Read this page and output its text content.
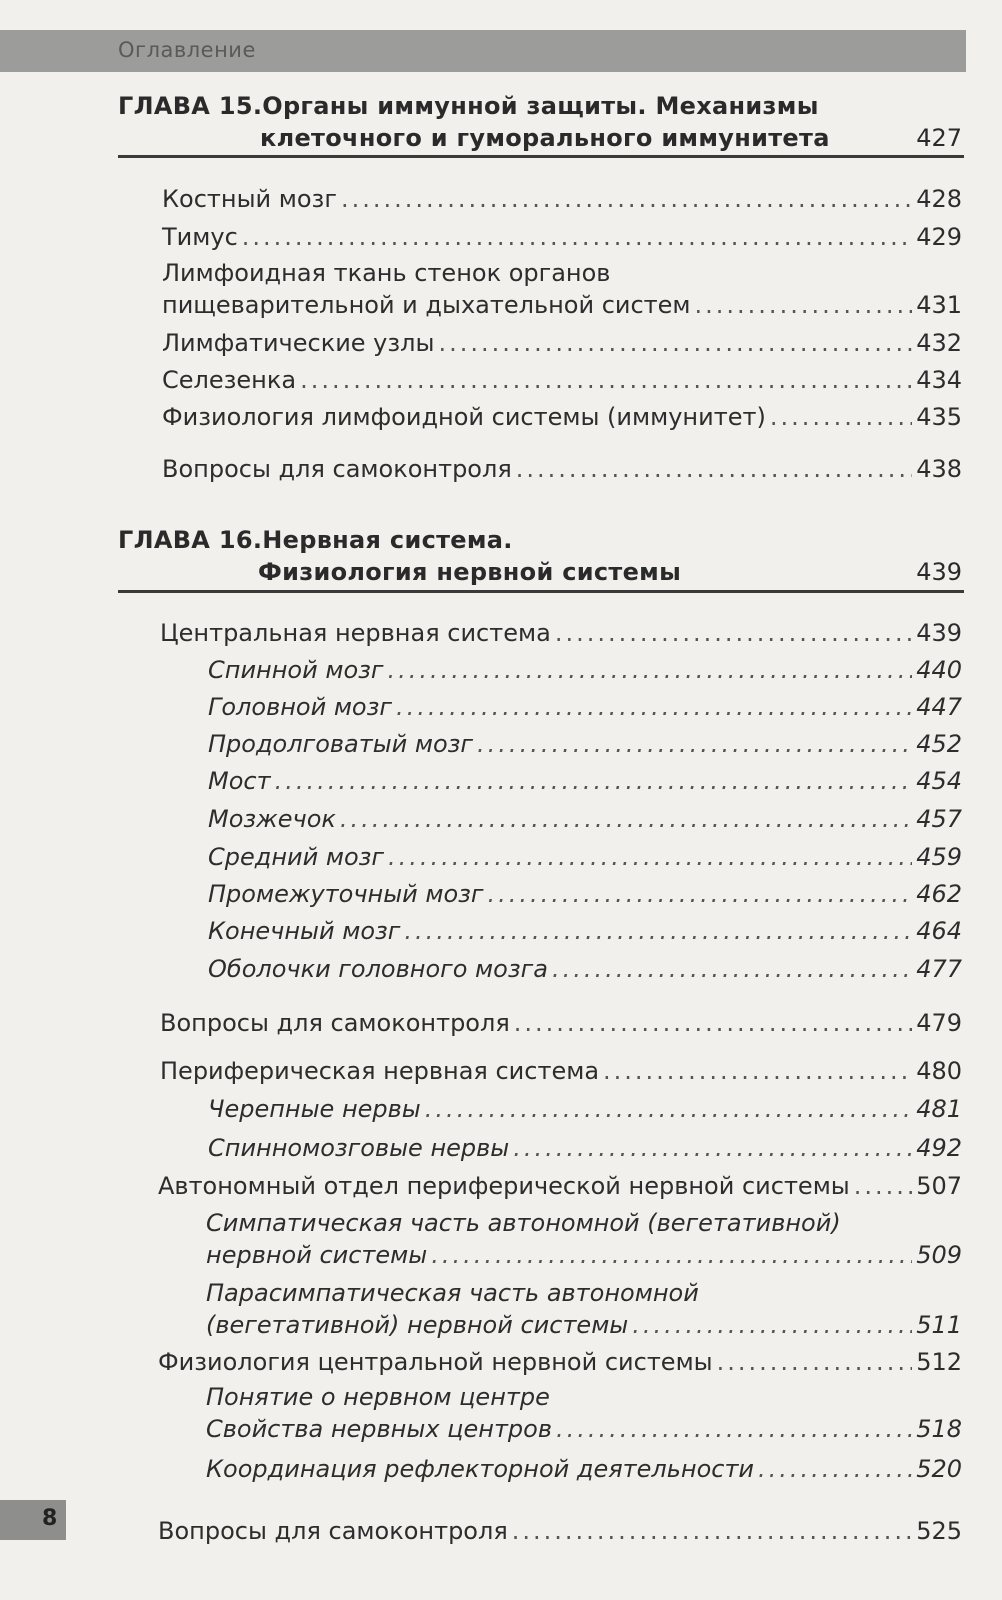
Оглавление
ГЛАВА 15.Органы иммунной защиты. Механизмы
клеточного и гуморального иммунитета	427
Костный мозг .....	428
Тимус .....	429
Лимфоидная ткань стенок органов
пищеварительной и дыхательной систем .....	431
Лимфатические узлы .....	432
Селезенка .....	434
Физиология лимфоидной системы (иммунитет) .....	435
Вопросы для самоконтроля .....	438
ГЛАВА 16.Нервная система.
Физиология нервной системы	439
Центральная нервная система .....	439
Спинной мозг .....	440
Головной мозг .....	447
Продолговатый мозг .....	452
Мост .....	454
Мозжечок .....	457
Средний мозг .....	459
Промежуточный мозг .....	462
Конечный мозг .....	464
Оболочки головного мозга .....	477
Вопросы для самоконтроля .....	479
Периферическая нервная система .....	480
Черепные нервы .....	481
Спинномозговые нервы .....	492
Автономный отдел периферической нервной системы .....	507
Симпатическая часть автономной (вегетативной)
нервной системы .....	509
Парасимпатическая часть автономной
(вегетативной) нервной системы .....	511
Физиология центральной нервной системы .....	512
Понятие о нервном центре
Свойства нервных центров .....	518
Координация рефлекторной деятельности .....	520
Вопросы для самоконтроля .....	525
8
